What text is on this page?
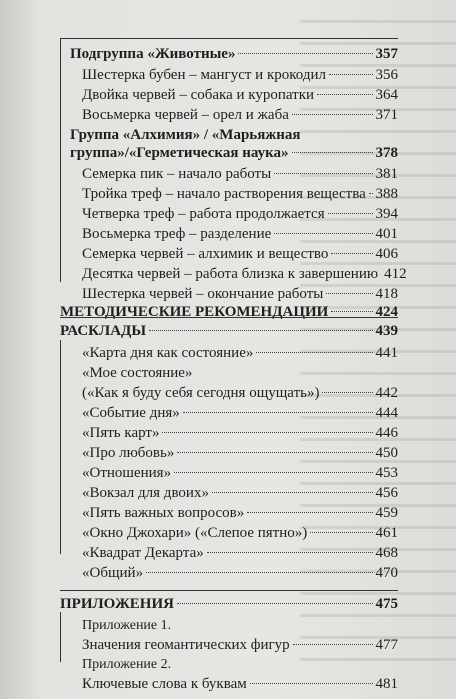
Подгруппа «Животные»	357
Шестерка бубен – мангуст и крокодил	356
Двойка червей – собака и куропатки	364
Восьмерка червей – орел и жаба	371
Группа «Алхимия» / «Марьяжная
группа»/«Герметическая наука»	378
Семерка пик – начало работы	381
Тройка треф – начало растворения вещества 388
Четверка треф – работа продолжается	394
Восьмерка треф – разделение	401
Семерка червей – алхимик и вещество	406
Десятка червей – работа близка к завершению 412
Шестерка червей – окончание работы	418
МЕТОДИЧЕСКИЕ РЕКОМЕНДАЦИИ	424
РАСКЛАДЫ	439
«Карта дня как состояние»	441
«Мое состояние»
(«Как я буду себя сегодня ощущать»)	442
«Событие дня»	444
«Пять карт»	446
«Про любовь»	450
«Отношения»	453
«Вокзал для двоих»	456
«Пять важных вопросов»	459
«Окно Джохари» («Слепое пятно»)	461
«Квадрат Декарта»	468
«Общий»	470
ПРИЛОЖЕНИЯ	475
Приложение 1.
Значения геомантических фигур	477
Приложение 2.
Ключевые слова к буквам	481
